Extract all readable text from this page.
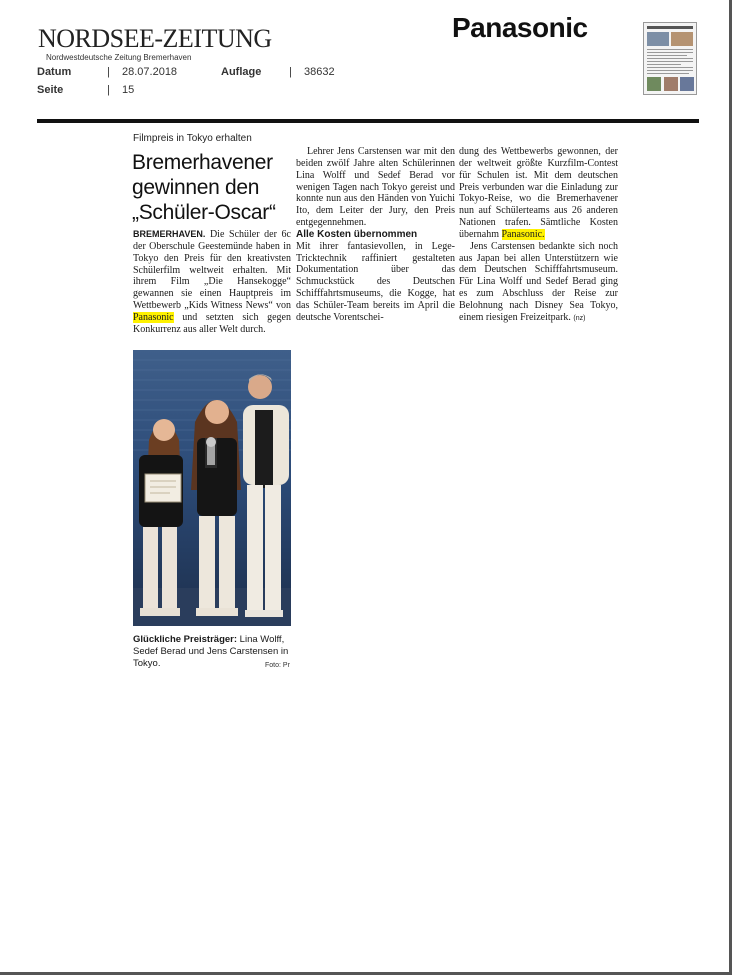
NORDSEE-ZEITUNG
Nordwestdeutsche Zeitung Bremerhaven
Panasonic
Datum	| 28.07.2018	Auflage	| 38632
Seite	| 15
Filmpreis in Tokyo erhalten
Bremerhavener
gewinnen den
„Schüler-Oscar“

BREMERHAVEN. Die Schüler der 6c der Oberschule Geestemünde haben in Tokyo den Preis für den kreativsten Schülerfilm weltweit erhalten. Mit ihrem Film „Die Hansekogge“ gewannen sie einen Hauptpreis im Wettbewerb „Kids Witness News“ von Panasonic und setzten sich gegen Konkurrenz aus aller Welt durch.

Lehrer Jens Carstensen war mit den beiden zwölf Jahre alten Schülerinnen Lina Wolff und Sedef Berad vor wenigen Tagen nach Tokyo gereist und konnte nun aus den Händen von Yuichi Ito, dem Leiter der Jury, den Preis entgegennehmen.

Alle Kosten übernommen

Mit ihrer fantasievollen, in Lege-Tricktechnik raffiniert gestalteten Dokumentation über das Schmuckstück des Deutschen Schifffahrtsmuseums, die Kogge, hat das Schüler-Team bereits im April die deutsche Vorentschei-

dung des Wettbewerbs gewonnen, der der weltweit größte Kurzfilm-Contest für Schulen ist. Mit dem deutschen Preis verbunden war die Einladung zur Tokyo-Reise, wo die Bremerhavener nun auf Schülerteams aus 26 anderen Nationen trafen. Sämtliche Kosten übernahm Panasonic.

Jens Carstensen bedankte sich noch aus Japan bei allen Unterstützern wie dem Deutschen Schifffahrtsmuseum. Für Lina Wolff und Sedef Berad ging es zum Abschluss der Reise zur Belohnung nach Disney Sea Tokyo, einem riesigen Freizeitpark. (nz)

Glückliche Preisträger: Lina Wolff, Sedef Berad und Jens Carstensen in Tokyo.	Foto: Pr
